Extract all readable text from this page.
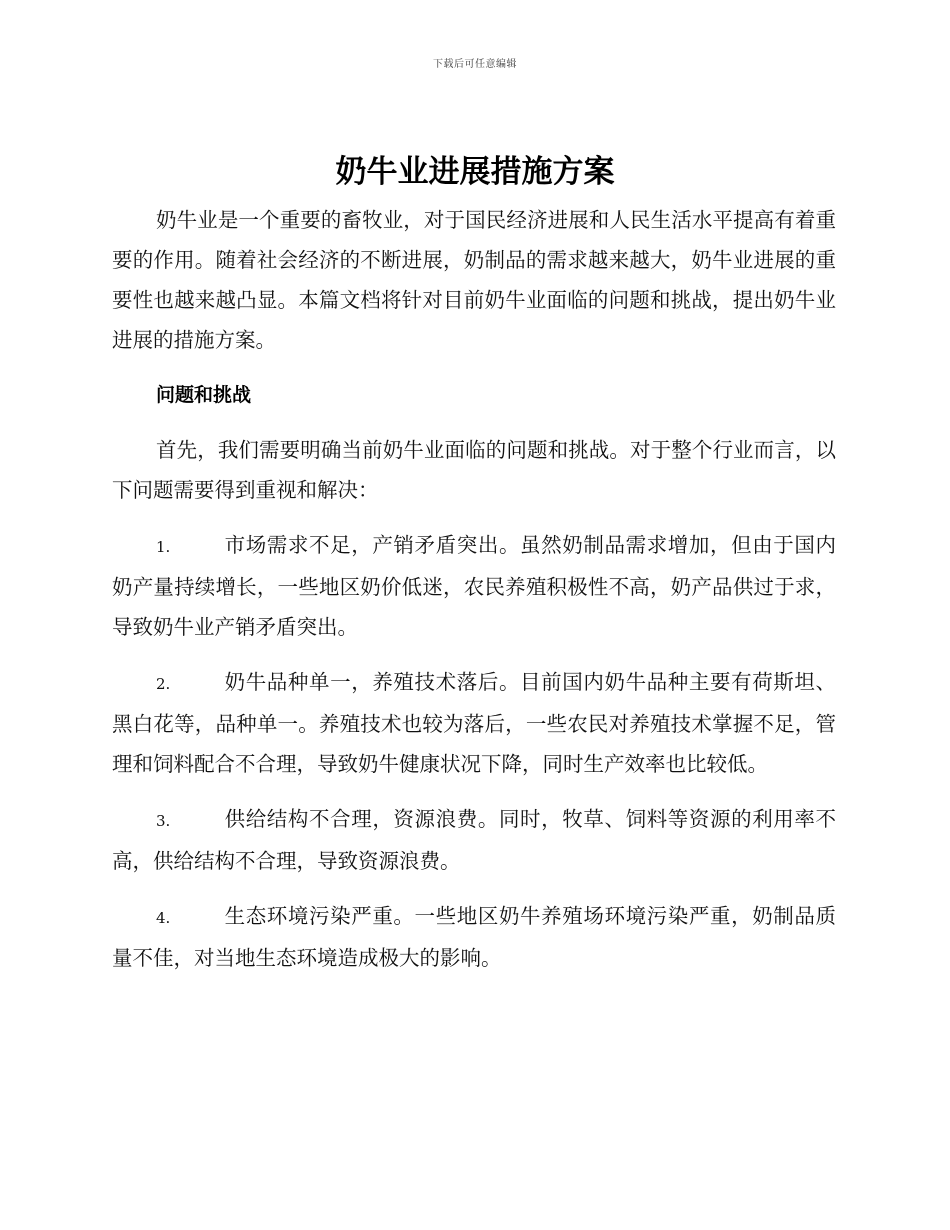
下载后可任意编辑
奶牛业进展措施方案

奶牛业是一个重要的畜牧业，对于国民经济进展和人民生活水平提高有着重要的作用。随着社会经济的不断进展，奶制品的需求越来越大，奶牛业进展的重要性也越来越凸显。本篇文档将针对目前奶牛业面临的问题和挑战，提出奶牛业进展的措施方案。

问题和挑战

首先，我们需要明确当前奶牛业面临的问题和挑战。对于整个行业而言，以下问题需要得到重视和解决：

1.	市场需求不足，产销矛盾突出。虽然奶制品需求增加，但由于国内奶产量持续增长，一些地区奶价低迷，农民养殖积极性不高，奶产品供过于求，导致奶牛业产销矛盾突出。

2.	奶牛品种单一，养殖技术落后。目前国内奶牛品种主要有荷斯坦、黑白花等，品种单一。养殖技术也较为落后，一些农民对养殖技术掌握不足，管理和饲料配合不合理，导致奶牛健康状况下降，同时生产效率也比较低。

3.	供给结构不合理，资源浪费。同时，牧草、饲料等资源的利用率不高，供给结构不合理，导致资源浪费。

4.	生态环境污染严重。一些地区奶牛养殖场环境污染严重，奶制品质量不佳，对当地生态环境造成极大的影响。
